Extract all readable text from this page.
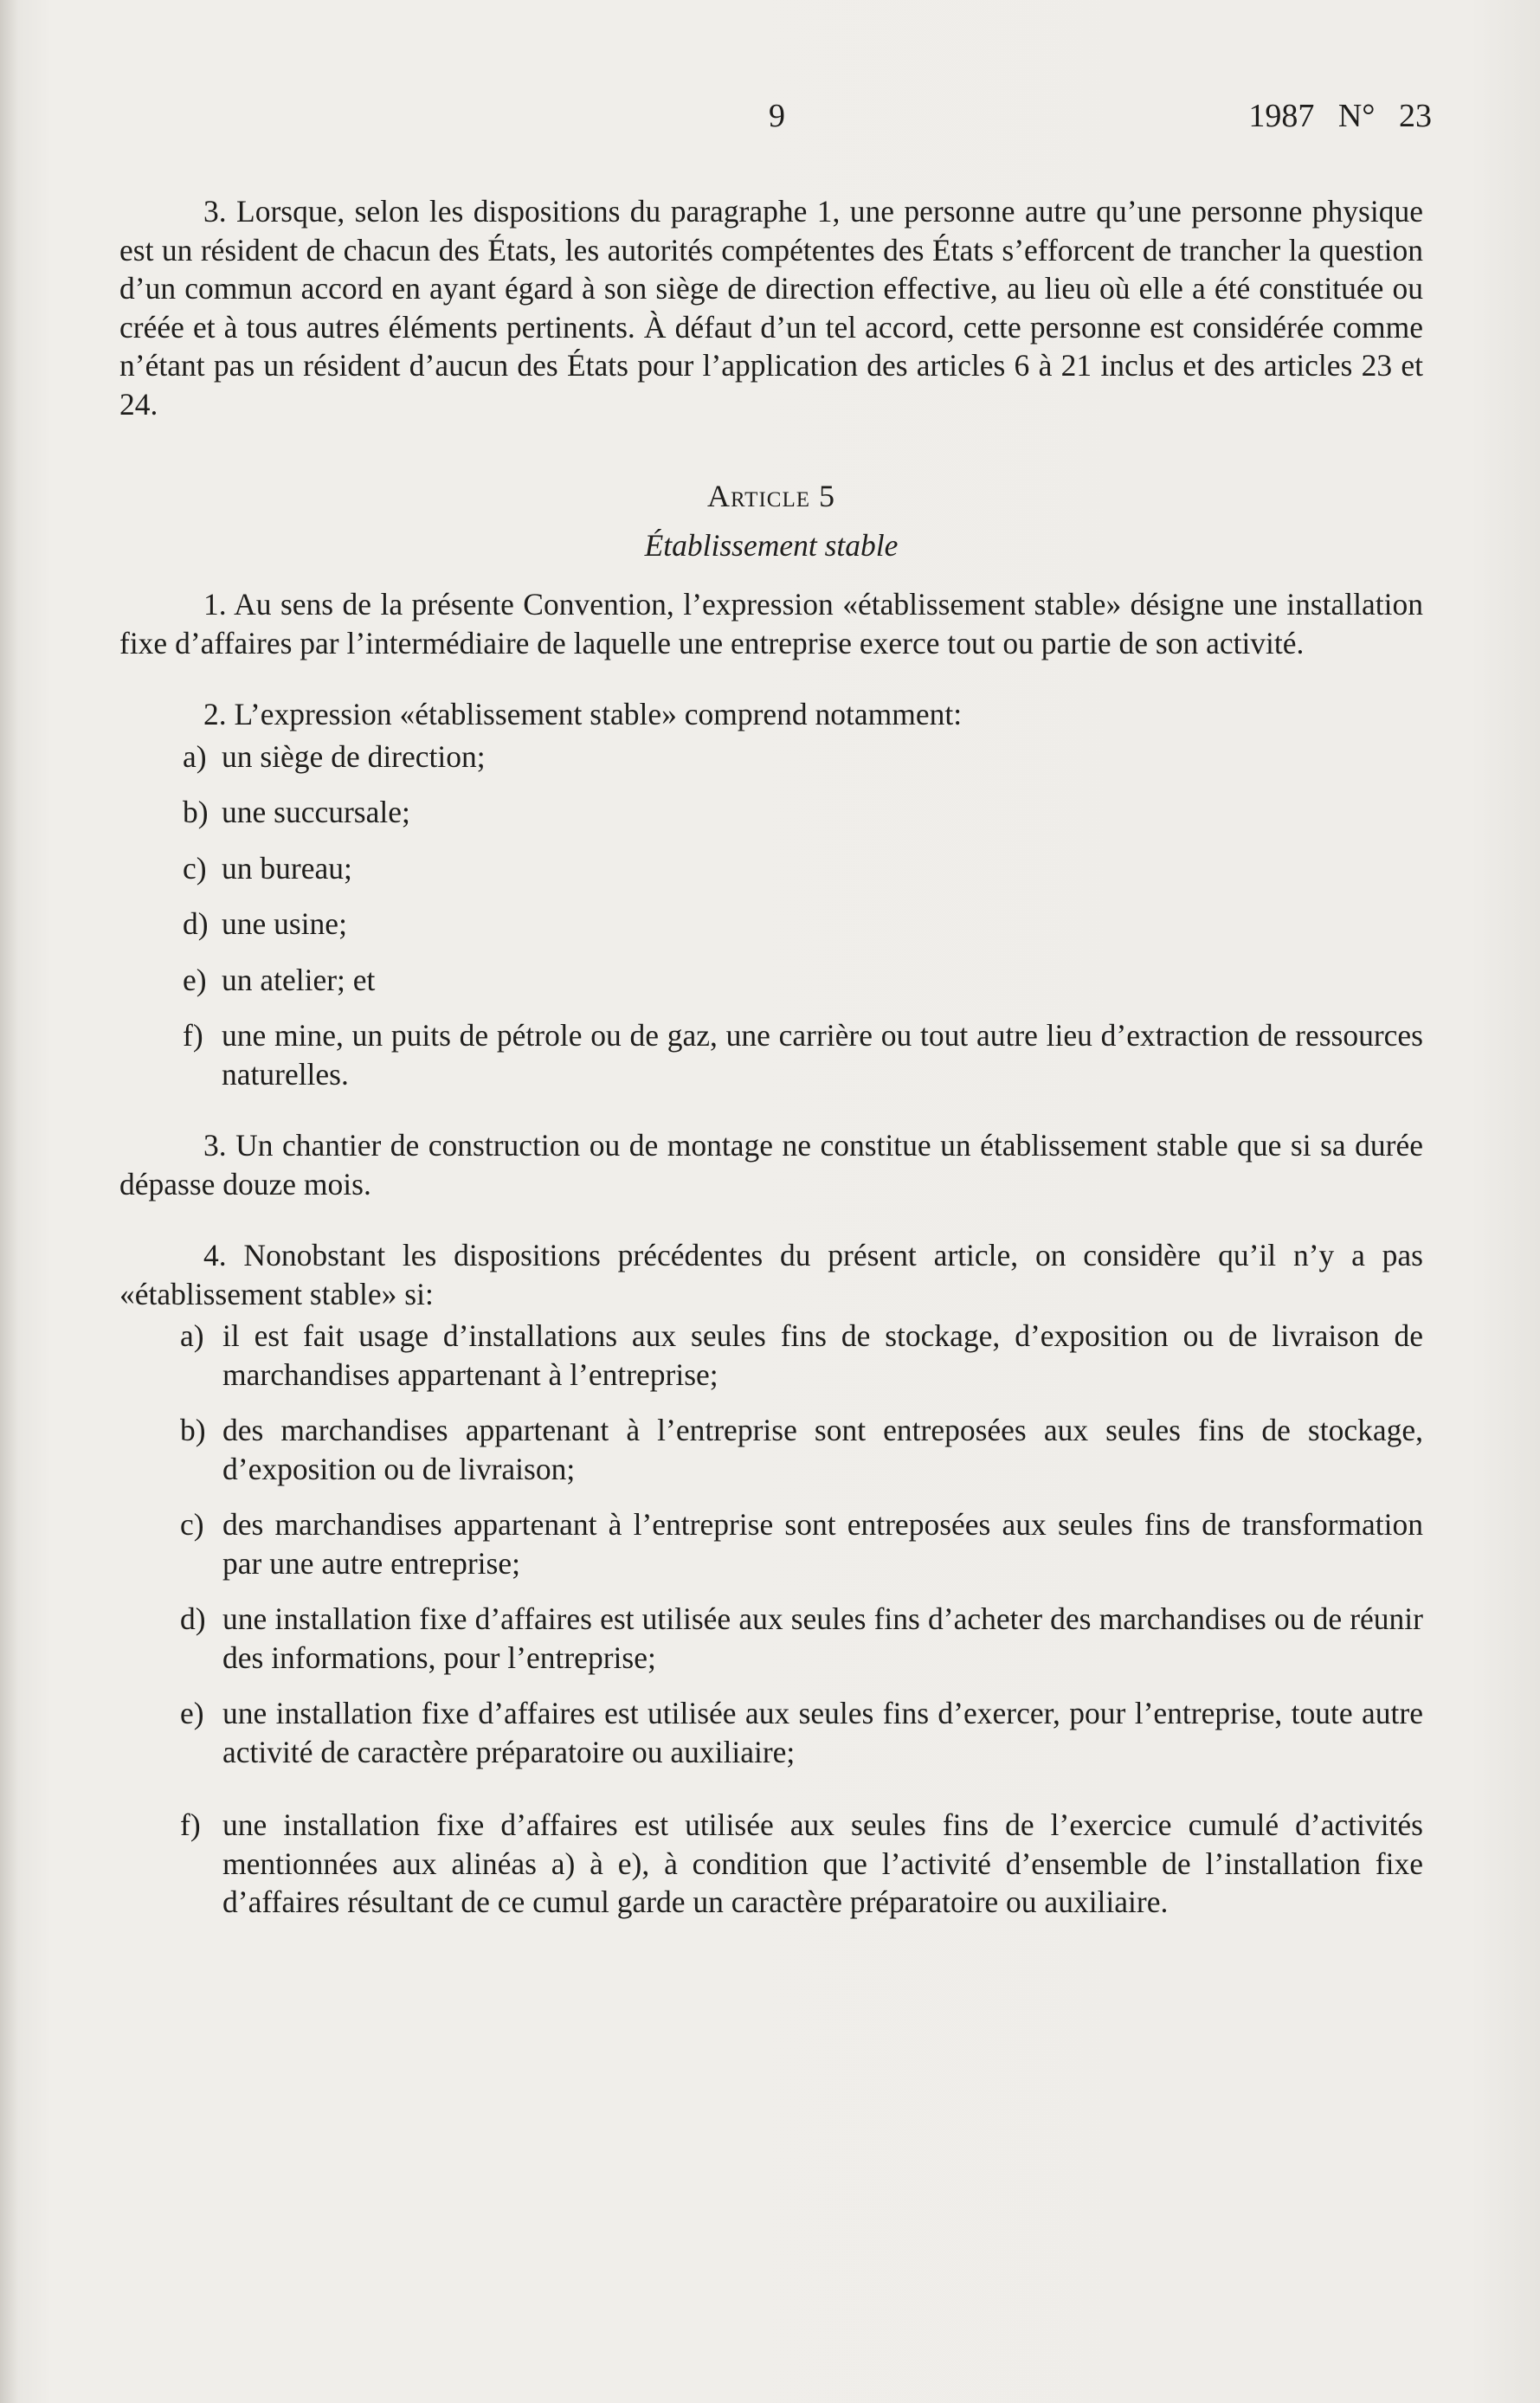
9	1987 N° 23

3. Lorsque, selon les dispositions du paragraphe 1, une personne autre qu’une personne physique est un résident de chacun des États, les autorités compétentes des États s’efforcent de trancher la question d’un commun accord en ayant égard à son siège de direction effective, au lieu où elle a été constituée ou créée et à tous autres éléments pertinents. À défaut d’un tel accord, cette personne est considérée comme n’étant pas un résident d’aucun des États pour l’application des articles 6 à 21 inclus et des articles 23 et 24.

Article 5
Établissement stable

1. Au sens de la présente Convention, l’expression «établissement stable» désigne une installation fixe d’affaires par l’intermédiaire de laquelle une entreprise exerce tout ou partie de son activité.

2. L’expression «établissement stable» comprend notamment:

a) un siège de direction;
b) une succursale;
c) un bureau;
d) une usine;
e) un atelier; et
f) une mine, un puits de pétrole ou de gaz, une carrière ou tout autre lieu d’extraction de ressources naturelles.

3. Un chantier de construction ou de montage ne constitue un établissement stable que si sa durée dépasse douze mois.

4. Nonobstant les dispositions précédentes du présent article, on considère qu’il n’y a pas «établissement stable» si:

a) il est fait usage d’installations aux seules fins de stockage, d’exposition ou de livraison de marchandises appartenant à l’entreprise;
b) des marchandises appartenant à l’entreprise sont entreposées aux seules fins de stockage, d’exposition ou de livraison;
c) des marchandises appartenant à l’entreprise sont entreposées aux seules fins de transformation par une autre entreprise;
d) une installation fixe d’affaires est utilisée aux seules fins d’acheter des marchandises ou de réunir des informations, pour l’entreprise;
e) une installation fixe d’affaires est utilisée aux seules fins d’exercer, pour l’entreprise, toute autre activité de caractère préparatoire ou auxiliaire;
f) une installation fixe d’affaires est utilisée aux seules fins de l’exercice cumulé d’activités mentionnées aux alinéas a) à e), à condition que l’activité d’ensemble de l’installation fixe d’affaires résultant de ce cumul garde un caractère préparatoire ou auxiliaire.
